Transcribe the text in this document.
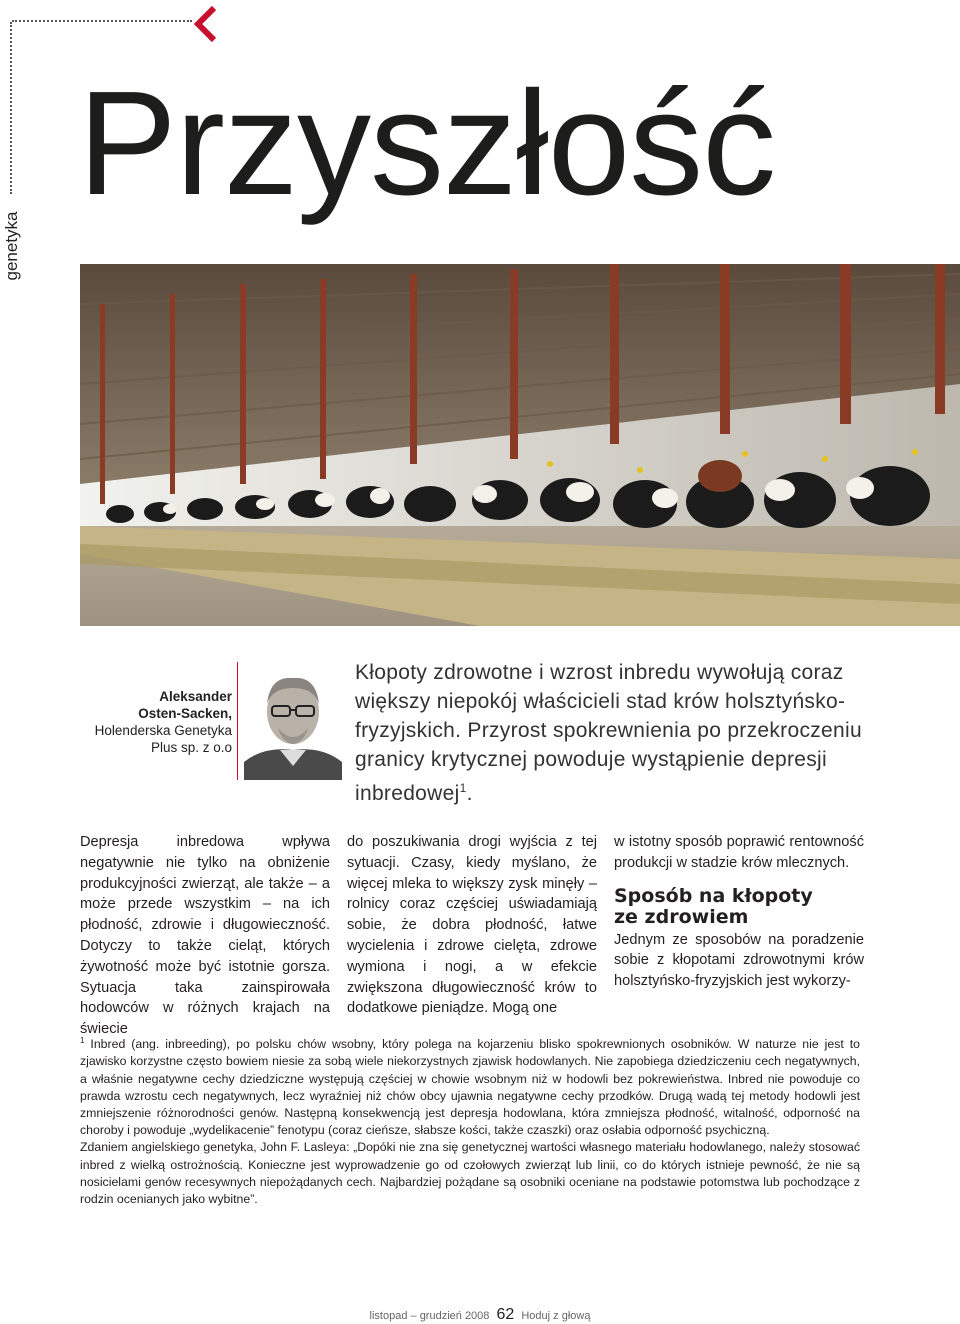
genetyka
Przyszłość
Aleksander
Osten-Sacken,
Holenderska Genetyka
Plus sp. z o.o

Kłopoty zdrowotne i wzrost inbredu wywołują coraz większy niepokój właścicieli stad krów holsztyńsko-fryzyjskich. Przyrost spokrewnienia po przekroczeniu granicy krytycznej powoduje wystąpienie depresji inbredowej$^1$.

Depresja inbredowa wpływa negatywnie nie tylko na obniżenie produkcyjności zwierząt, ale także – a może przede wszystkim – na ich płodność, zdrowie i długowieczność. Dotyczy to także cieląt, których żywotność może być istotnie gorsza. Sytuacja taka zainspirowała hodowców w różnych krajach na świecie

do poszukiwania drogi wyjścia z tej sytuacji. Czasy, kiedy myślano, że więcej mleka to większy zysk minęły – rolnicy coraz częściej uświadamiają sobie, że dobra płodność, łatwe wycielenia i zdrowe cielęta, zdrowe wymiona i nogi, a w efekcie zwiększona długowieczność krów to dodatkowe pieniądze. Mogą one

w istotny sposób poprawić rentowność produkcji w stadzie krów mlecznych.

Sposób na kłopoty
ze zdrowiem

Jednym ze sposobów na poradzenie sobie z kłopotami zdrowotnymi krów holsztyńsko-fryzyjskich jest wykorzy-

$^1$ Inbred (ang. inbreeding), po polsku chów wsobny, który polega na kojarzeniu blisko spokrewnionych osobników. W naturze nie jest to zjawisko korzystne często bowiem niesie za sobą wiele niekorzystnych zjawisk hodowlanych. Nie zapobiega dziedziczeniu cech negatywnych, a właśnie negatywne cechy dziedziczne występują częściej w chowie wsobnym niż w hodowli bez pokrewieństwa. Inbred nie powoduje co prawda wzrostu cech negatywnych, lecz wyraźniej niż chów obcy ujawnia negatywne cechy przodków. Drugą wadą tej metody hodowli jest zmniejszenie różnorodności genów. Następną konsekwencją jest depresja hodowlana, która zmniejsza płodność, witalność, odporność na choroby i powoduje „wydelikacenie” fenotypu (coraz cieńsze, słabsze kości, także czaszki) oraz osłabia odporność psychiczną.

Zdaniem angielskiego genetyka, John F. Lasleya: „Dopóki nie zna się genetycznej wartości własnego materiału hodowlanego, należy stosować inbred z wielką ostrożnością. Konieczne jest wyprowadzenie go od czołowych zwierząt lub linii, co do których istnieje pewność, że nie są nosicielami genów recesywnych niepożądanych cech. Najbardziej pożądane są osobniki oceniane na podstawie potomstwa lub pochodzące z rodzin ocenianych jako wybitne”.

listopad – grudzień 2008 62 Hoduj z głową
